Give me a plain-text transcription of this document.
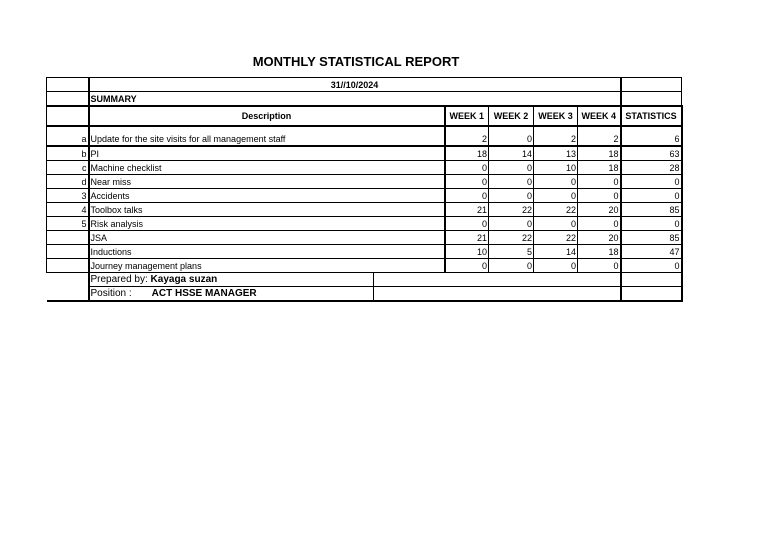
MONTHLY STATISTICAL REPORT
	31//10/2024						
	SUMMARY						
	Description		WEEK 1	WEEK 2	WEEK 3	WEEK 4	STATISTICS
a	Update for the site visits for all management staff		2	0	2	2	6
b	PI		18	14	13	18	63
c	Machine checklist		0	0	10	18	28
d	Near miss		0	0	0	0	0
3	Accidents		0	0	0	0	0
4	Toolbox talks		21	22	22	20	85
5	Risk analysis		0	0	0	0	0
	JSA		21	22	22	20	85
	Inductions		10	5	14	18	47
	Journey management plans		0	0	0	0	0
	Prepared by: Kayaga suzan						
	Position : ACT HSSE MANAGER						
